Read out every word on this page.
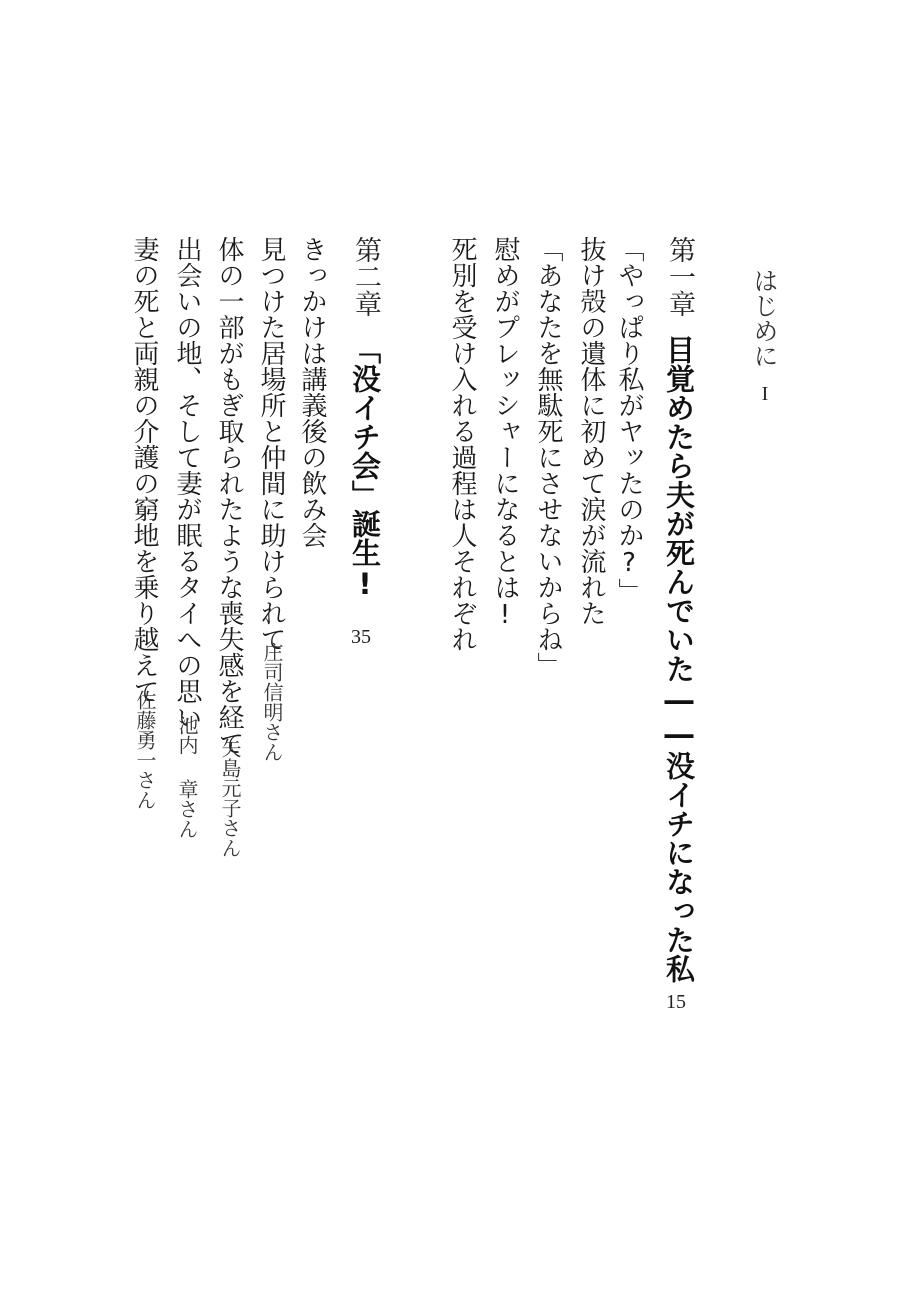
はじめに
I
第一章目覚めたら夫が死んでいた――没イチになった私
15
「やっぱり私がヤッたのか?」
抜け殻の遺体に初めて涙が流れた
「あなたを無駄死にさせないからね」
慰めがプレッシャーになるとは!
死別を受け入れる過程は人それぞれ
第二章「没イチ会」誕生!
35
きっかけは講義後の飲み会
見つけた居場所と仲間に助けられて
庄司信明さん
体の一部がもぎ取られたような喪失感を経て
矢島元子さん
出会いの地、そして妻が眠るタイへの思い
池内 章さん
妻の死と両親の介護の窮地を乗り越えて
佐藤勇一さん
